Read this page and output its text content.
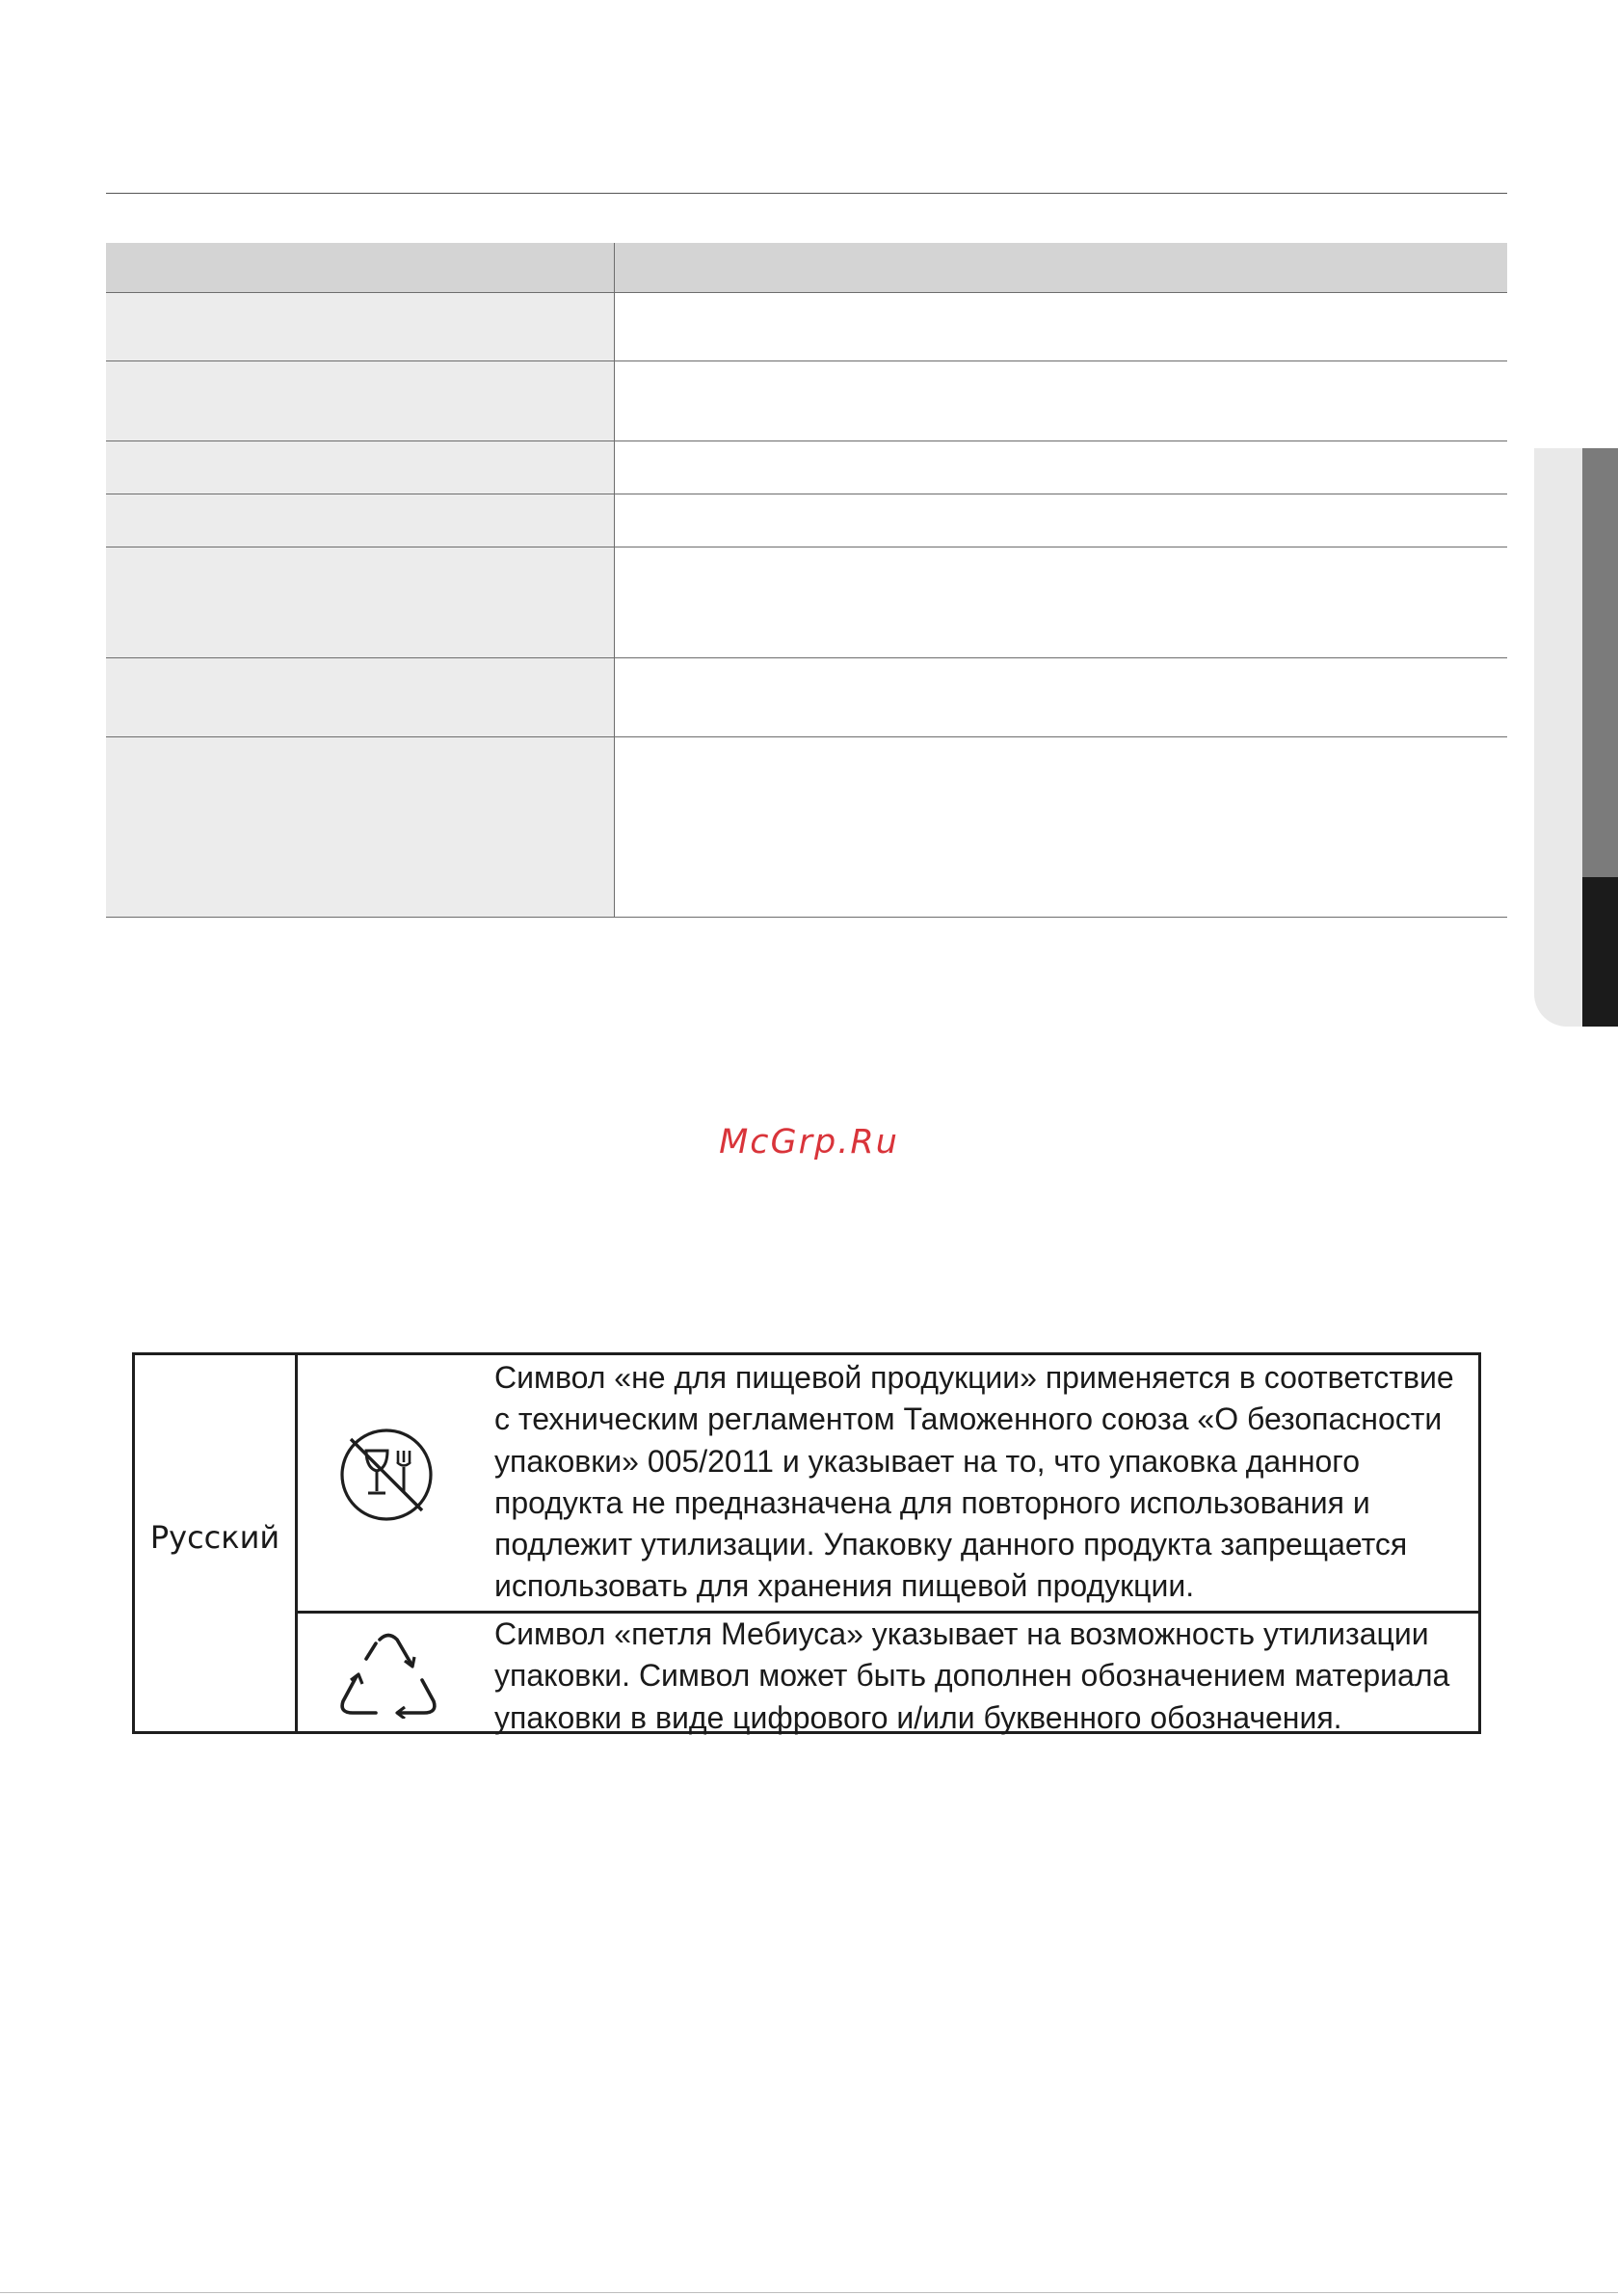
McGrp.Ru
Русский
Символ «не для пищевой продукции» применяется в соответствие
с техническим регламентом Таможенного союза «О безопасности
упаковки» 005/2011 и указывает на то, что упаковка данного
продукта не предназначена для повторного использования и
подлежит утилизации. Упаковку данного продукта запрещается
использовать для хранения пищевой продукции.
Символ «петля Мебиуса» указывает на возможность утилизации
упаковки. Символ может быть дополнен обозначением материала
упаковки в виде цифрового и/или буквенного обозначения.
